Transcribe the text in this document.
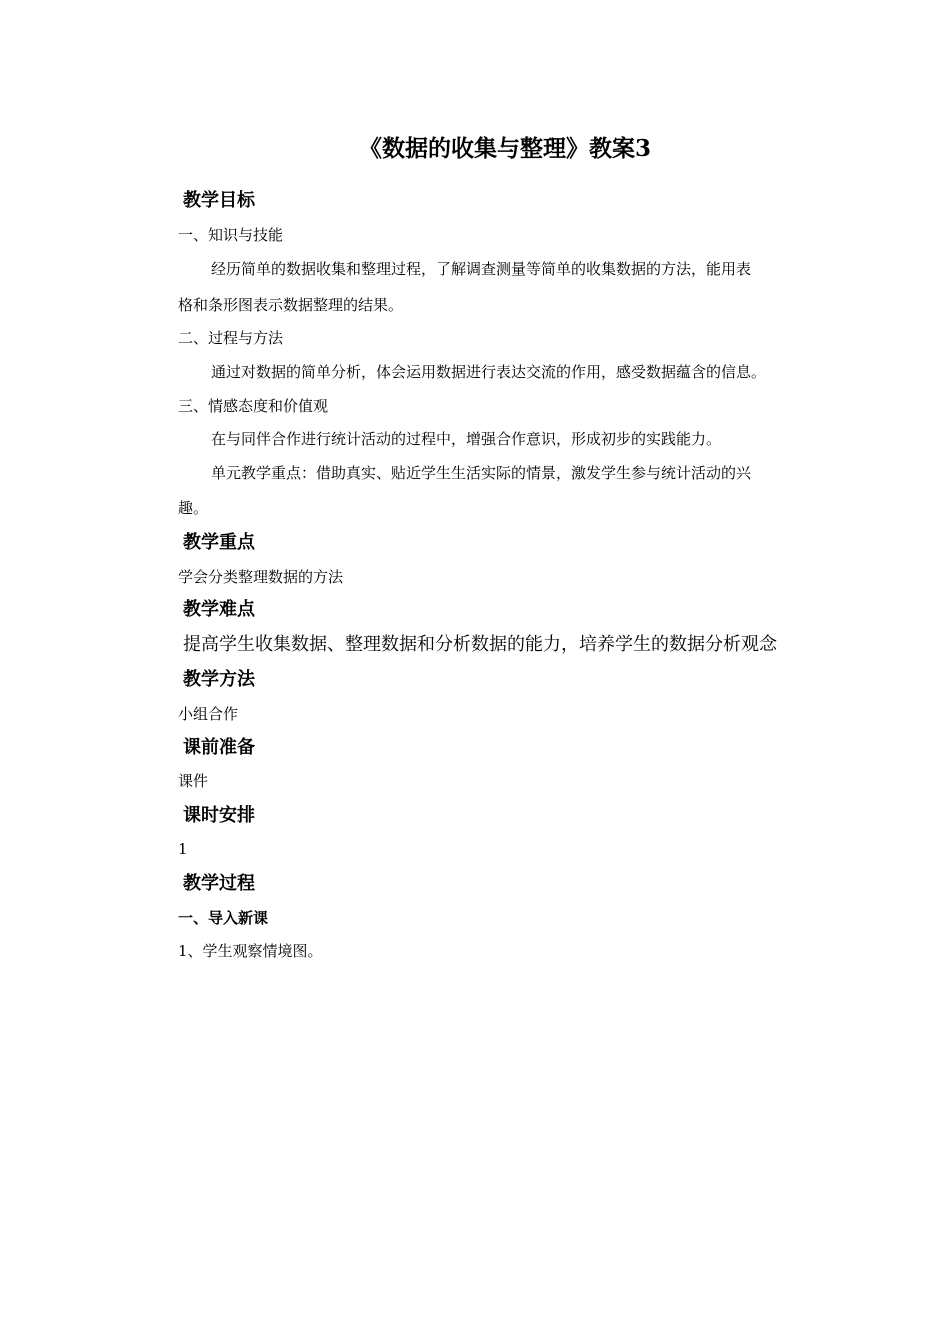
《数据的收集与整理》教案3
教学目标
一、知识与技能
经历简单的数据收集和整理过程，了解调查测量等简单的收集数据的方法，能用表
格和条形图表示数据整理的结果。
二、过程与方法
通过对数据的简单分析，体会运用数据进行表达交流的作用，感受数据蕴含的信息。
三、情感态度和价值观
在与同伴合作进行统计活动的过程中，增强合作意识，形成初步的实践能力。
单元教学重点：借助真实、贴近学生生活实际的情景，激发学生参与统计活动的兴
趣。
教学重点
学会分类整理数据的方法
教学难点
提高学生收集数据、整理数据和分析数据的能力，培养学生的数据分析观念
教学方法
小组合作
课前准备
课件
课时安排
1
教学过程
一、导入新课
1、学生观察情境图。
